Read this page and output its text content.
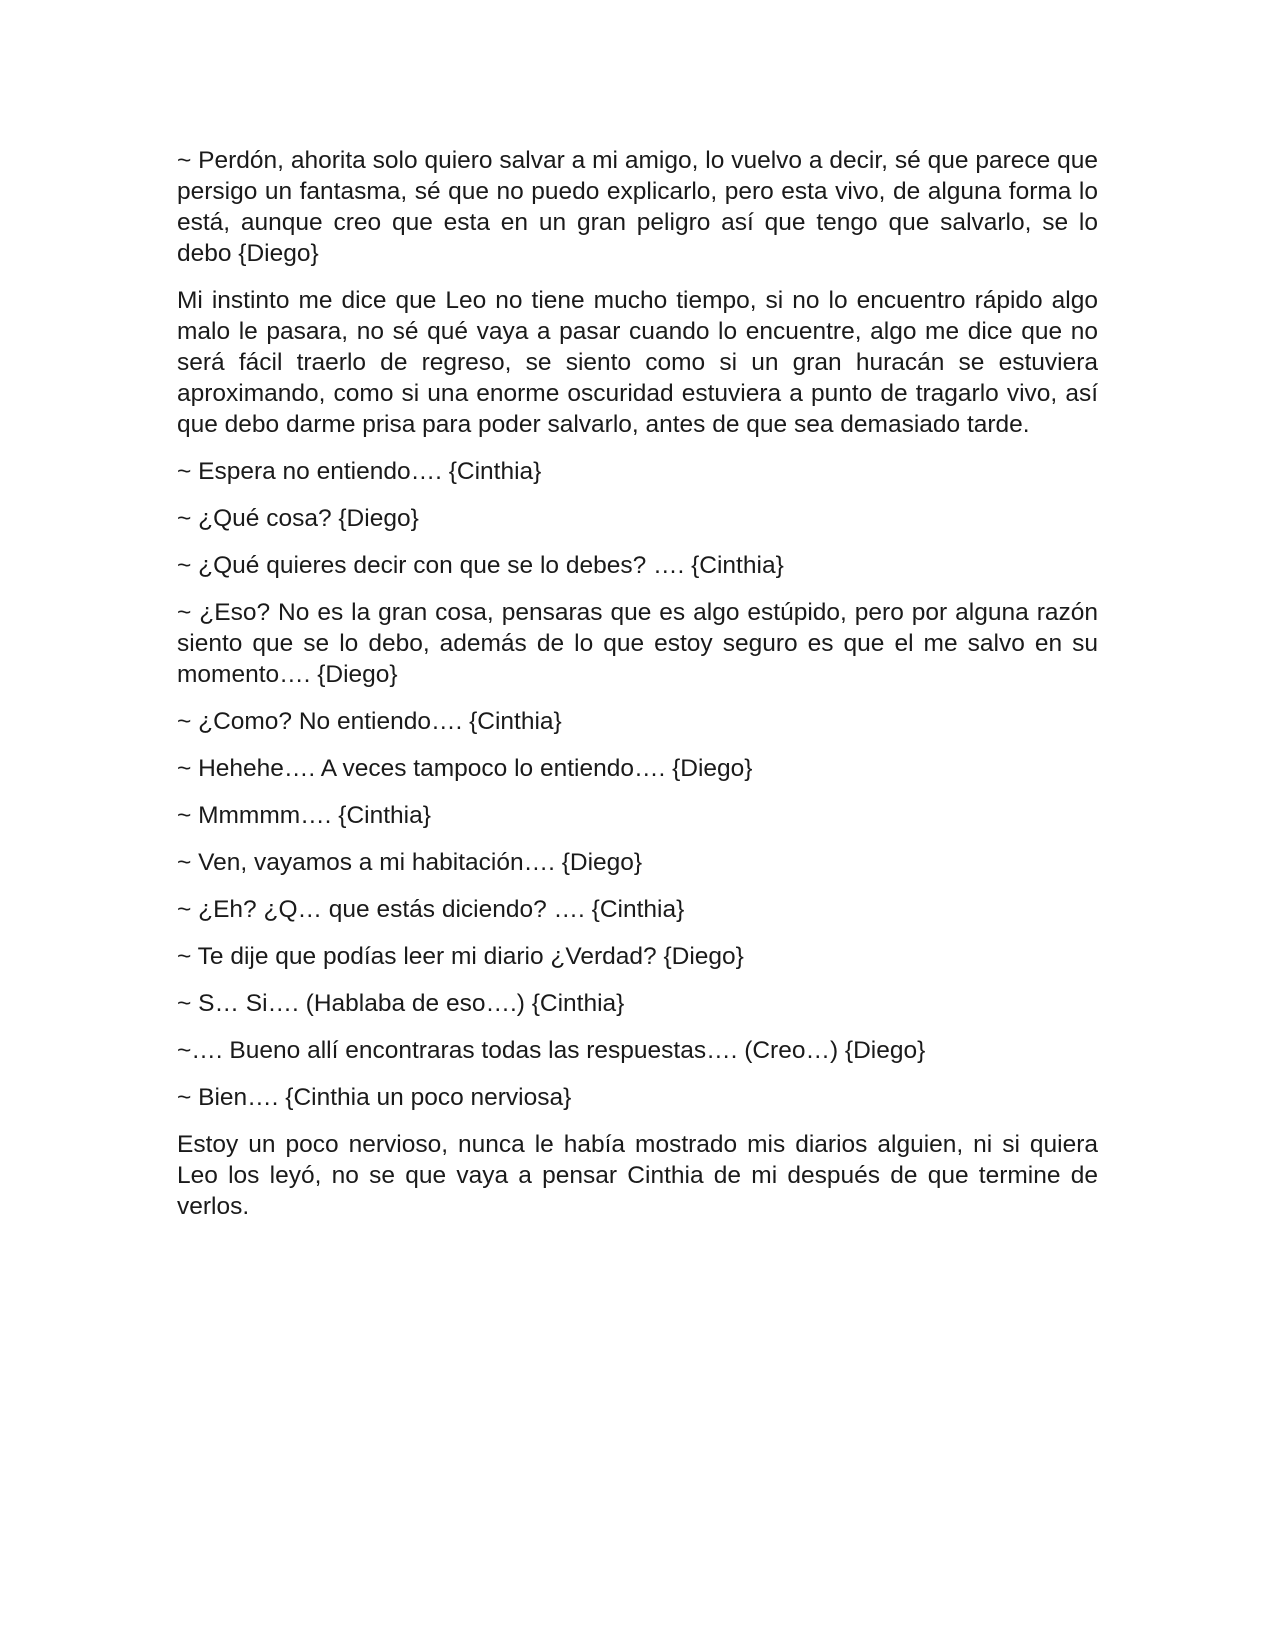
~ Perdón, ahorita solo quiero salvar a mi amigo, lo vuelvo a decir, sé que parece que persigo un fantasma, sé que no puedo explicarlo, pero esta vivo, de alguna forma lo está, aunque creo que esta en un gran peligro así que tengo que salvarlo, se lo debo {Diego}

Mi instinto me dice que Leo no tiene mucho tiempo, si no lo encuentro rápido algo malo le pasara, no sé qué vaya a pasar cuando lo encuentre, algo me dice que no será fácil traerlo de regreso, se siento como si un gran huracán se estuviera aproximando, como si una enorme oscuridad estuviera a punto de tragarlo vivo, así que debo darme prisa para poder salvarlo, antes de que sea demasiado tarde.

~ Espera no entiendo…. {Cinthia}

~ ¿Qué cosa? {Diego}

~ ¿Qué quieres decir con que se lo debes? …. {Cinthia}

~ ¿Eso? No es la gran cosa, pensaras que es algo estúpido, pero por alguna razón siento que se lo debo, además de lo que estoy seguro es que el me salvo en su momento…. {Diego}

~ ¿Como? No entiendo…. {Cinthia}

~ Hehehe…. A veces tampoco lo entiendo…. {Diego}

~ Mmmmm…. {Cinthia}

~ Ven, vayamos a mi habitación…. {Diego}

~ ¿Eh? ¿Q… que estás diciendo? …. {Cinthia}

~ Te dije que podías leer mi diario ¿Verdad? {Diego}

~ S… Si…. (Hablaba de eso….) {Cinthia}

~…. Bueno allí encontraras todas las respuestas…. (Creo…) {Diego}

~ Bien…. {Cinthia un poco nerviosa}

Estoy un poco nervioso, nunca le había mostrado mis diarios alguien, ni si quiera Leo los leyó, no se que vaya a pensar Cinthia de mi después de que termine de verlos.
